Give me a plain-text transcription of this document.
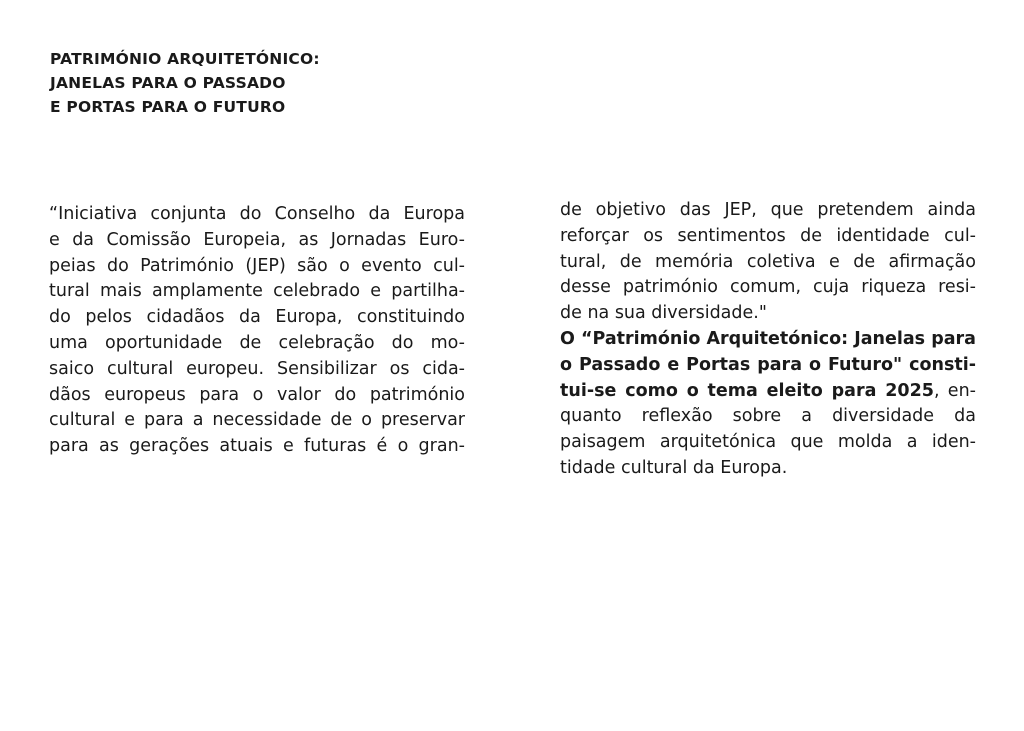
PATRIMÓNIO ARQUITETÓNICO:
JANELAS PARA O PASSADO
E PORTAS PARA O FUTURO
“Iniciativa conjunta do Conselho da Europa
e da Comissão Europeia, as Jornadas Euro-
peias do Património (JEP) são o evento cul-
tural mais amplamente celebrado e partilha-
do pelos cidadãos da Europa, constituindo
uma oportunidade de celebração do mo-
saico cultural europeu. Sensibilizar os cida-
dãos europeus para o valor do património
cultural e para a necessidade de o preservar
para as gerações atuais e futuras é o gran-
de objetivo das JEP, que pretendem ainda
reforçar os sentimentos de identidade cul-
tural, de memória coletiva e de afirmação
desse património comum, cuja riqueza resi-
de na sua diversidade."
O “Património Arquitetónico: Janelas para
o Passado e Portas para o Futuro" consti-
tui-se como o tema eleito para 2025, en-
quanto reflexão sobre a diversidade da
paisagem arquitetónica que molda a iden-
tidade cultural da Europa.
